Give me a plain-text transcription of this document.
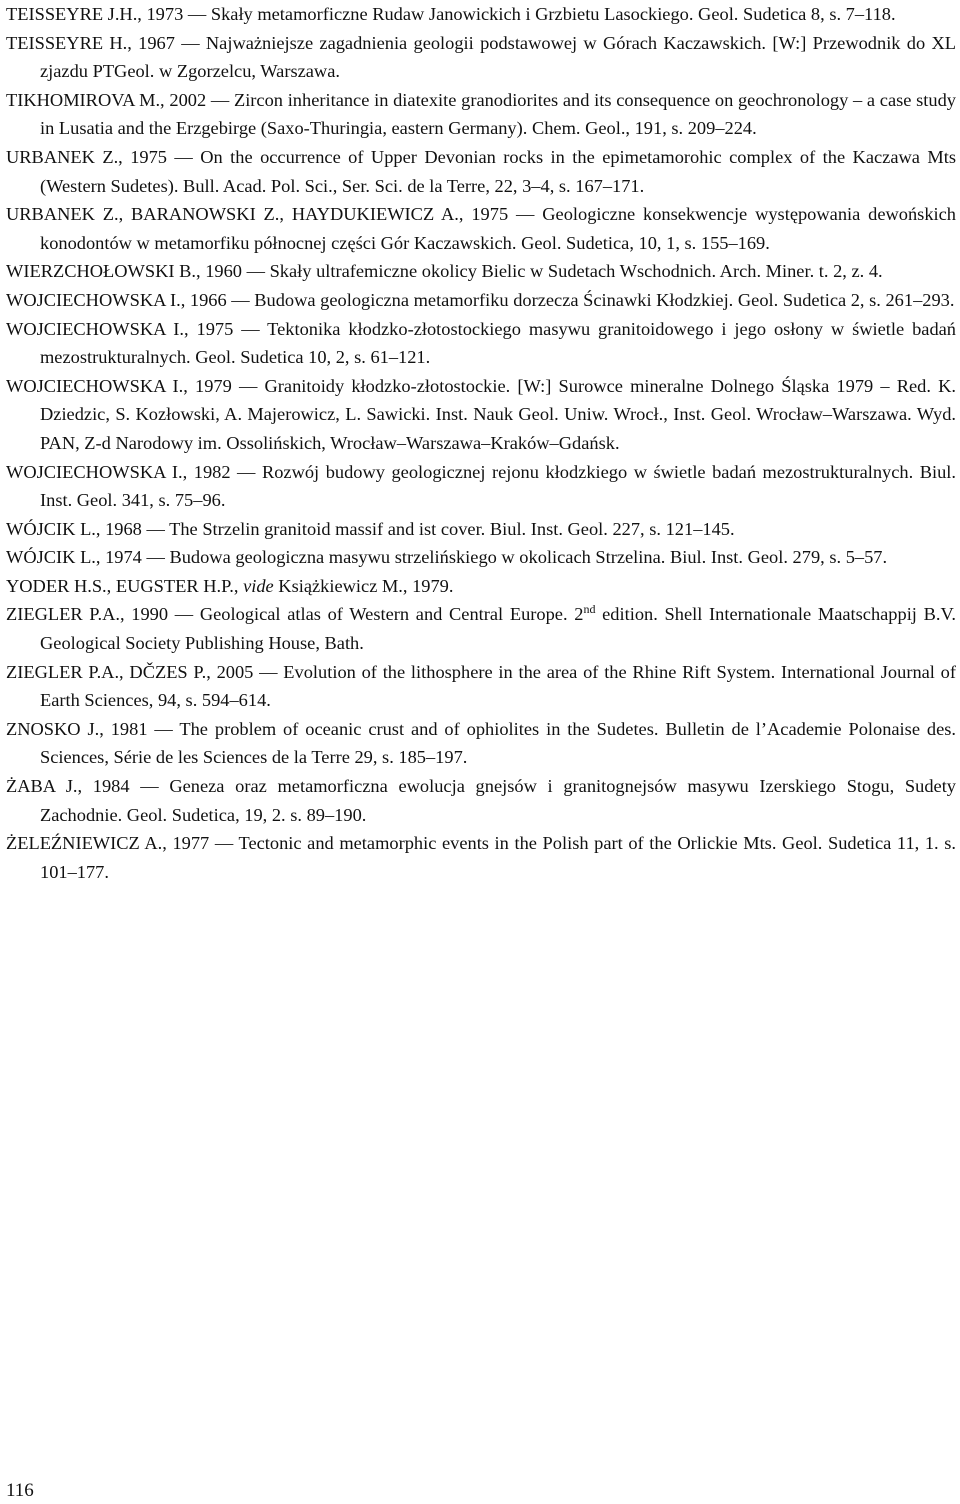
TEISSEYRE J.H., 1973 — Skały metamorficzne Rudaw Janowickich i Grzbietu Lasockiego. Geol. Sudetica 8, s. 7–118.

TEISSEYRE H., 1967 — Najważniejsze zagadnienia geologii podstawowej w Górach Kaczawskich. [W:] Przewodnik do XL zjazdu PTGeol. w Zgorzelcu, Warszawa.

TIKHOMIROVA M., 2002 — Zircon inheritance in diatexite granodiorites and its consequence on geochronology – a case study in Lusatia and the Erzgebirge (Saxo-Thuringia, eastern Germany). Chem. Geol., 191, s. 209–224.

URBANEK Z., 1975 — On the occurrence of Upper Devonian rocks in the epimetamorohic complex of the Kaczawa Mts (Western Sudetes). Bull. Acad. Pol. Sci., Ser. Sci. de la Terre, 22, 3–4, s. 167–171.

URBANEK Z., BARANOWSKI Z., HAYDUKIEWICZ A., 1975 — Geologiczne konsekwencje występowania dewońskich konodontów w metamorfiku północnej części Gór Kaczawskich. Geol. Sudetica, 10, 1, s. 155–169.

WIERZCHOŁOWSKI B., 1960 — Skały ultrafemiczne okolicy Bielic w Sudetach Wschodnich. Arch. Miner. t. 2, z. 4.

WOJCIECHOWSKA I., 1966 — Budowa geologiczna metamorfiku dorzecza Ścinawki Kłodzkiej. Geol. Sudetica 2, s. 261–293.

WOJCIECHOWSKA I., 1975 — Tektonika kłodzko-złotostockiego masywu granitoidowego i jego osłony w świetle badań mezostrukturalnych. Geol. Sudetica 10, 2, s. 61–121.

WOJCIECHOWSKA I., 1979 — Granitoidy kłodzko-złotostockie. [W:] Surowce mineralne Dolnego Śląska 1979 – Red. K. Dziedzic, S. Kozłowski, A. Majerowicz, L. Sawicki. Inst. Nauk Geol. Uniw. Wrocł., Inst. Geol. Wrocław–Warszawa. Wyd. PAN, Z-d Narodowy im. Ossolińskich, Wrocław–Warszawa–Kraków–Gdańsk.

WOJCIECHOWSKA I., 1982 — Rozwój budowy geologicznej rejonu kłodzkiego w świetle badań mezostrukturalnych. Biul. Inst. Geol. 341, s. 75–96.

WÓJCIK L., 1968 — The Strzelin granitoid massif and ist cover. Biul. Inst. Geol. 227, s. 121–145.

WÓJCIK L., 1974 — Budowa geologiczna masywu strzelińskiego w okolicach Strzelina. Biul. Inst. Geol. 279, s. 5–57.

YODER H.S., EUGSTER H.P., vide Książkiewicz M., 1979.

ZIEGLER P.A., 1990 — Geological atlas of Western and Central Europe. 2nd edition. Shell Internationale Maatschappij B.V. Geological Society Publishing House, Bath.

ZIEGLER P.A., DČZES P., 2005 — Evolution of the lithosphere in the area of the Rhine Rift System. International Journal of Earth Sciences, 94, s. 594–614.

ZNOSKO J., 1981 — The problem of oceanic crust and of ophiolites in the Sudetes. Bulletin de l’Academie Polonaise des. Sciences, Série de les Sciences de la Terre 29, s. 185–197.

ŻABA J., 1984 — Geneza oraz metamorficzna ewolucja gnejsów i granitognejsów masywu Izerskiego Stogu, Sudety Zachodnie. Geol. Sudetica, 19, 2. s. 89–190.

ŻELEŹNIEWICZ A., 1977 — Tectonic and metamorphic events in the Polish part of the Orlickie Mts. Geol. Sudetica 11, 1. s. 101–177.

116
